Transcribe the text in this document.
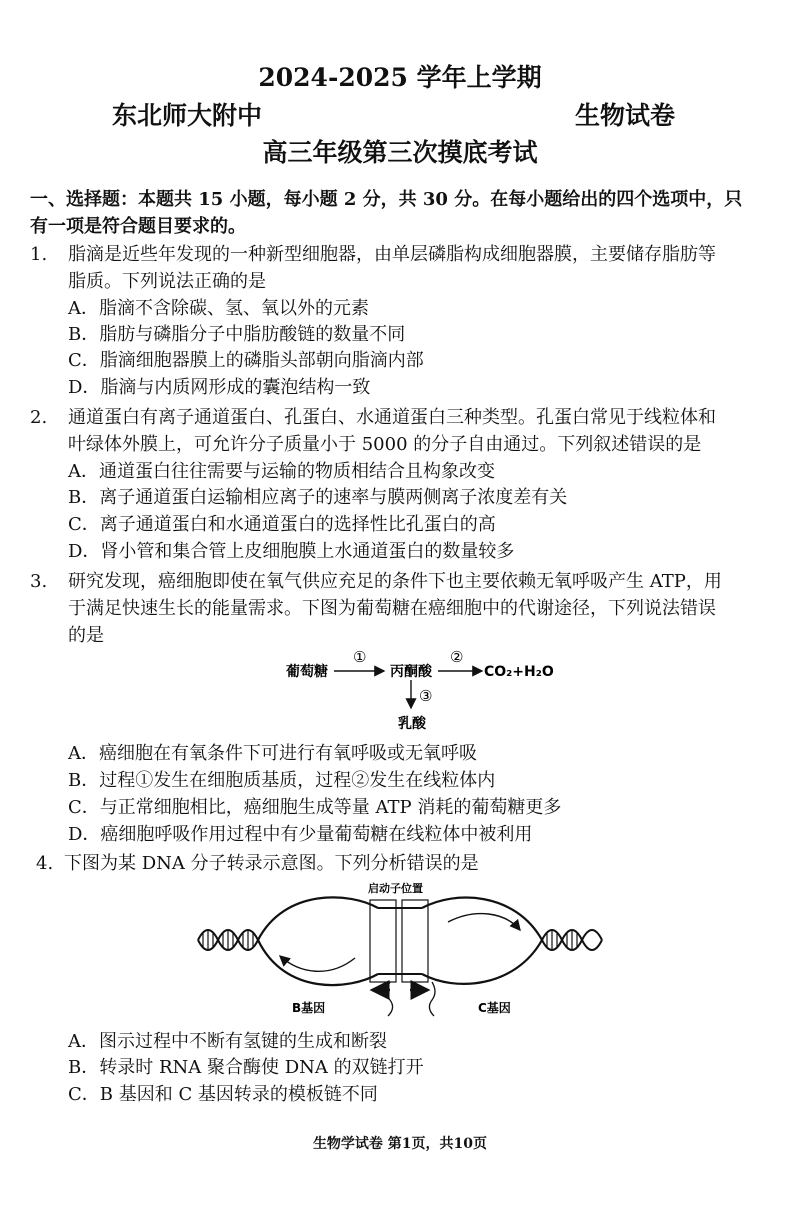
2024-2025 学年上学期
东北师大附中	生物试卷
高三年级第三次摸底考试
一、选择题：本题共 15 小题，每小题 2 分，共 30 分。在每小题给出的四个选项中，只
有一项是符合题目要求的。
1. 脂滴是近些年发现的一种新型细胞器，由单层磷脂构成细胞器膜，主要储存脂肪等
脂质。下列说法正确的是
A．脂滴不含除碳、氢、氧以外的元素
B．脂肪与磷脂分子中脂肪酸链的数量不同
C．脂滴细胞器膜上的磷脂头部朝向脂滴内部
D．脂滴与内质网形成的囊泡结构一致
2. 通道蛋白有离子通道蛋白、孔蛋白、水通道蛋白三种类型。孔蛋白常见于线粒体和
叶绿体外膜上，可允许分子质量小于 5000 的分子自由通过。下列叙述错误的是
A．通道蛋白往往需要与运输的物质相结合且构象改变
B．离子通道蛋白运输相应离子的速率与膜两侧离子浓度差有关
C．离子通道蛋白和水通道蛋白的选择性比孔蛋白的高
D．肾小管和集合管上皮细胞膜上水通道蛋白的数量较多
3. 研究发现，癌细胞即使在氧气供应充足的条件下也主要依赖无氧呼吸产生 ATP，用
于满足快速生长的能量需求。下图为葡萄糖在癌细胞中的代谢途径，下列说法错误
的是
葡萄糖
①
丙酮酸
②
CO₂+H₂O
③
乳酸
A．癌细胞在有氧条件下可进行有氧呼吸或无氧呼吸
B．过程①发生在细胞质基质，过程②发生在线粒体内
C．与正常细胞相比，癌细胞生成等量 ATP 消耗的葡萄糖更多
D．癌细胞呼吸作用过程中有少量葡萄糖在线粒体中被利用
4. 下图为某 DNA 分子转录示意图。下列分析错误的是
启动子位置
B基因	C基因
A．图示过程中不断有氢键的生成和断裂
B．转录时 RNA 聚合酶使 DNA 的双链打开
C．B 基因和 C 基因转录的模板链不同
生物学试卷 第1页，共10页
